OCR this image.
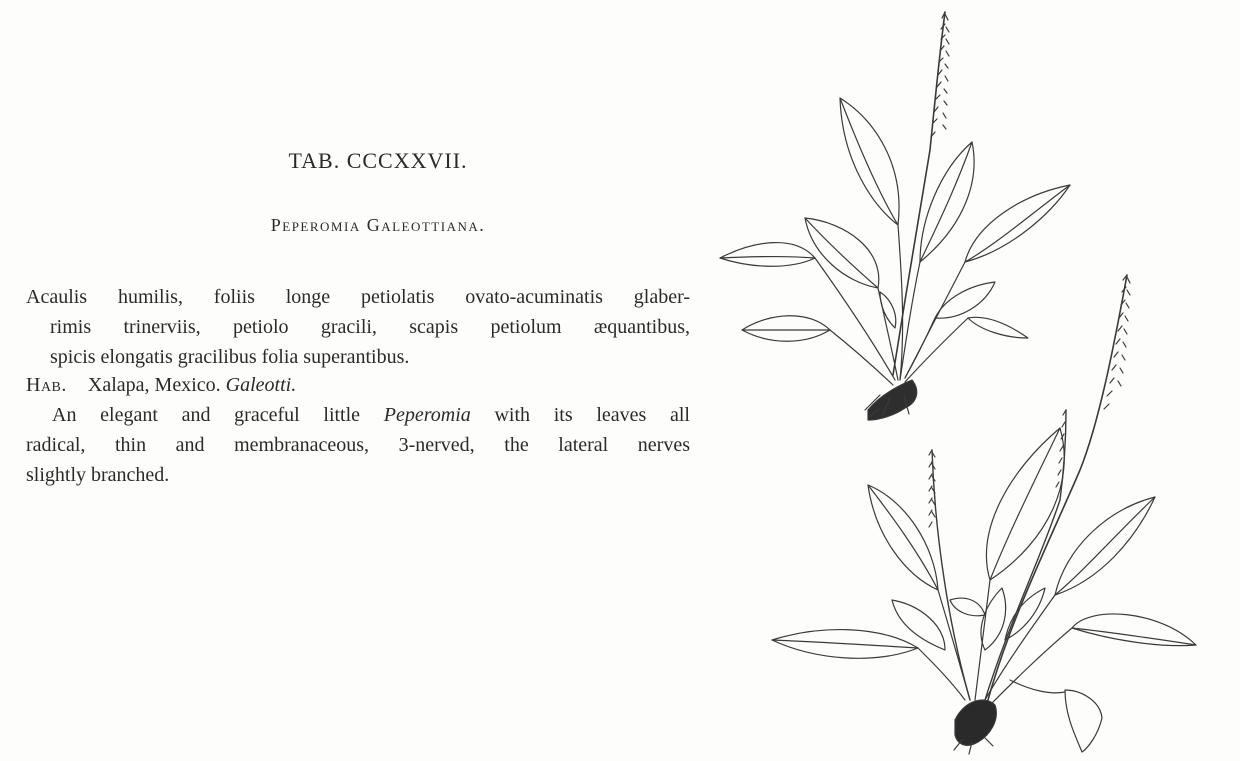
TAB. CCCXXVII.
Peperomia Galeottiana.
Acaulis humilis, foliis longe petiolatis ovato-acuminatis glaber-
rimis trinerviis, petiolo gracili, scapis petiolum æquantibus,
spicis elongatis gracilibus folia superantibus.
Hab. Xalapa, Mexico. Galeotti.
An elegant and graceful little Peperomia with its leaves all
radical, thin and membranaceous, 3-nerved, the lateral nerves
slightly branched.
